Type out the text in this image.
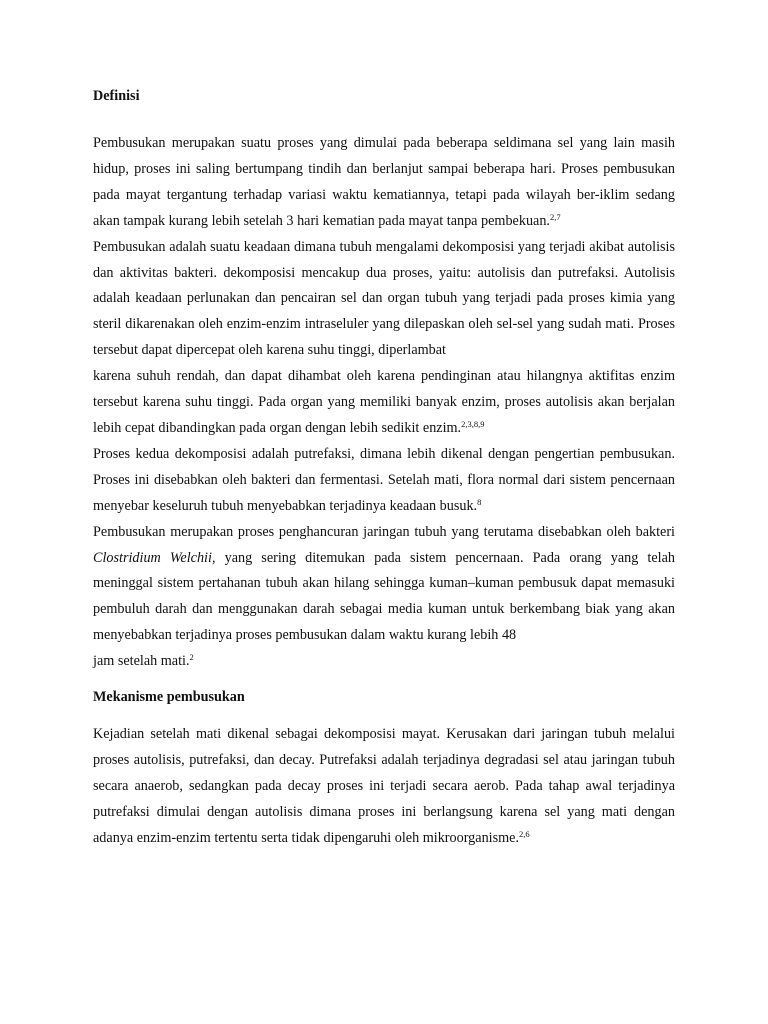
Definisi

Pembusukan merupakan suatu proses yang dimulai pada beberapa seldimana sel yang lain masih hidup, proses ini saling bertumpang tindih dan berlanjut sampai beberapa hari. Proses pembusukan pada mayat tergantung terhadap variasi waktu kematiannya, tetapi pada wilayah ber-iklim sedang akan tampak kurang lebih setelah 3 hari kematian pada mayat tanpa pembekuan.$^{2,7}$

Pembusukan adalah suatu keadaan dimana tubuh mengalami dekomposisi yang terjadi akibat autolisis dan aktivitas bakteri. dekomposisi mencakup dua proses, yaitu: autolisis dan putrefaksi. Autolisis adalah keadaan perlunakan dan pencairan sel dan organ tubuh yang terjadi pada proses kimia yang steril dikarenakan oleh enzim-enzim intraseluler yang dilepaskan oleh sel-sel yang sudah mati. Proses tersebut dapat dipercepat oleh karena suhu tinggi, diperlambat

karena suhuh rendah, dan dapat dihambat oleh karena pendinginan atau hilangnya aktifitas enzim tersebut karena suhu tinggi. Pada organ yang memiliki banyak enzim, proses autolisis akan berjalan lebih cepat dibandingkan pada organ dengan lebih sedikit enzim.$^{2,3,8,9}$

Proses kedua dekomposisi adalah putrefaksi, dimana lebih dikenal dengan pengertian pembusukan. Proses ini disebabkan oleh bakteri dan fermentasi. Setelah mati, flora normal dari sistem pencernaan menyebar keseluruh tubuh menyebabkan terjadinya keadaan busuk.$^8$

Pembusukan merupakan proses penghancuran jaringan tubuh yang terutama disebabkan oleh bakteri Clostridium Welchii, yang sering ditemukan pada sistem pencernaan. Pada orang yang telah meninggal sistem pertahanan tubuh akan hilang sehingga kuman–kuman pembusuk dapat memasuki pembuluh darah dan menggunakan darah sebagai media kuman untuk berkembang biak yang akan menyebabkan terjadinya proses pembusukan dalam waktu kurang lebih 48

jam setelah mati.$^2$

Mekanisme pembusukan

Kejadian setelah mati dikenal sebagai dekomposisi mayat. Kerusakan dari jaringan tubuh melalui proses autolisis, putrefaksi, dan decay. Putrefaksi adalah terjadinya degradasi sel atau jaringan tubuh secara anaerob, sedangkan pada decay proses ini terjadi secara aerob. Pada tahap awal terjadinya putrefaksi dimulai dengan autolisis dimana proses ini berlangsung karena sel yang mati dengan adanya enzim-enzim tertentu serta tidak dipengaruhi oleh mikroorganisme.$^{2,6}$
